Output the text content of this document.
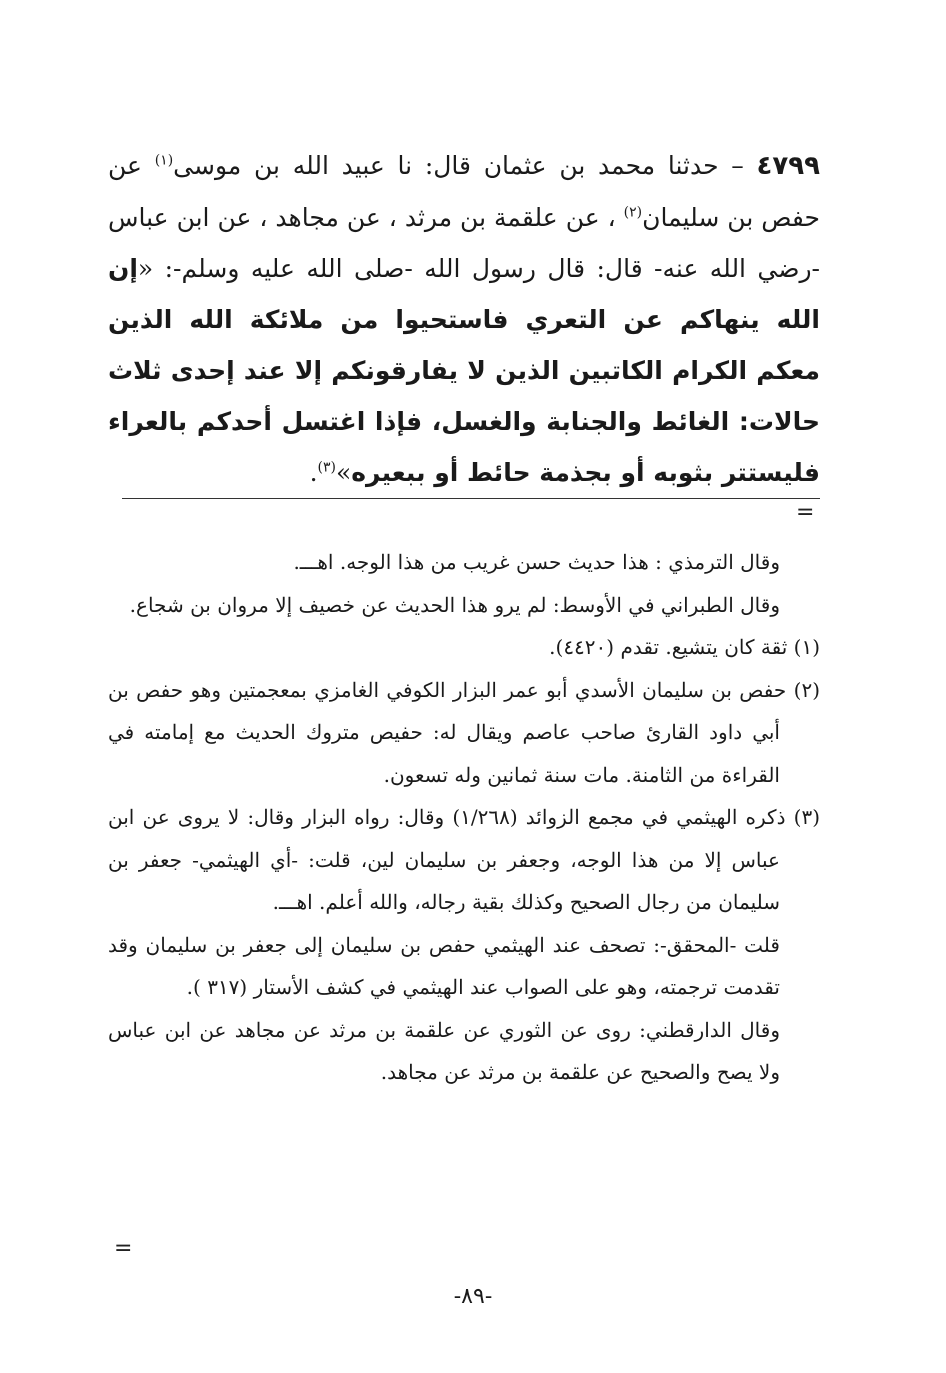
٤٧٩٩ – حدثنا محمد بن عثمان قال: نا عبيد الله بن موسى$^{(١)}$ عن حفص بن سليمان$^{(٢)}$ ، عن علقمة بن مرثد ، عن مجاهد ، عن ابن عباس -رضي الله عنه- قال: قال رسول الله -صلى الله عليه وسلم-: «إن الله ينهاكم عن التعري فاستحيوا من ملائكة الله الذين معكم الكرام الكاتبين الذين لا يفارقونكم إلا عند إحدى ثلاث حالات: الغائط والجنابة والغسل، فإذا اغتسل أحدكم بالعراء فليستتر بثوبه أو بجذمة حائط أو ببعيره»$^{(٣)}$.
=

وقال الترمذي : هذا حديث حسن غريب من هذا الوجه. اهـــ.

وقال الطبراني في الأوسط: لم يرو هذا الحديث عن خصيف إلا مروان بن شجاع.

(١) ثقة كان يتشيع. تقدم (٤٤٢٠).

(٢) حفص بن سليمان الأسدي أبو عمر البزار الكوفي الغامزي بمعجمتين وهو حفص بن أبي داود القارئ صاحب عاصم ويقال له: حفيص متروك الحديث مع إمامته في القراءة من الثامنة. مات سنة ثمانين وله تسعون.

(٣) ذكره الهيثمي في مجمع الزوائد (١/٢٦٨) وقال: رواه البزار وقال: لا يروى عن ابن عباس إلا من هذا الوجه، وجعفر بن سليمان لين، قلت: -أي الهيثمي- جعفر بن سليمان من رجال الصحيح وكذلك بقية رجاله، والله أعلم. اهـــ.

قلت -المحقق-: تصحف عند الهيثمي حفص بن سليمان إلى جعفر بن سليمان وقد تقدمت ترجمته، وهو على الصواب عند الهيثمي في كشف الأستار (٣١٧ ).

وقال الدارقطني: روى عن الثوري عن علقمة بن مرثد عن مجاهد عن ابن عباس ولا يصح والصحيح عن علقمة بن مرثد عن مجاهد.

=
-٨٩-
